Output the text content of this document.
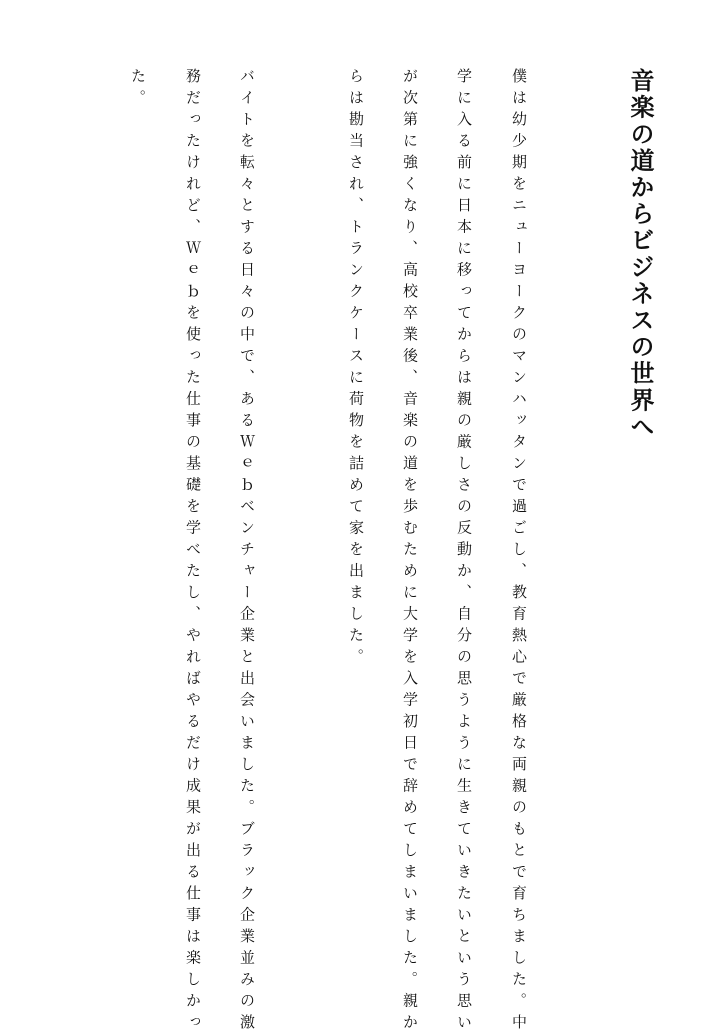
音楽の道からビジネスの世界へ
僕は幼少期をニューヨークのマンハッタンで過ごし、教育熱心で厳格な両親のもとで育ちました。中
学に入る前に日本に移ってからは親の厳しさの反動か、自分の思うように生きていきたいという思い
が次第に強くなり、高校卒業後、音楽の道を歩むために大学を入学初日で辞めてしまいました。親か
らは勘当され、トランクケースに荷物を詰めて家を出ました。
バイトを転々とする日々の中で、あるＷｅｂベンチャー企業と出会いました。ブラック企業並みの激
務だったけれど、Ｗｅｂを使った仕事の基礎を学べたし、やればやるだけ成果が出る仕事は楽しかっ
た。
